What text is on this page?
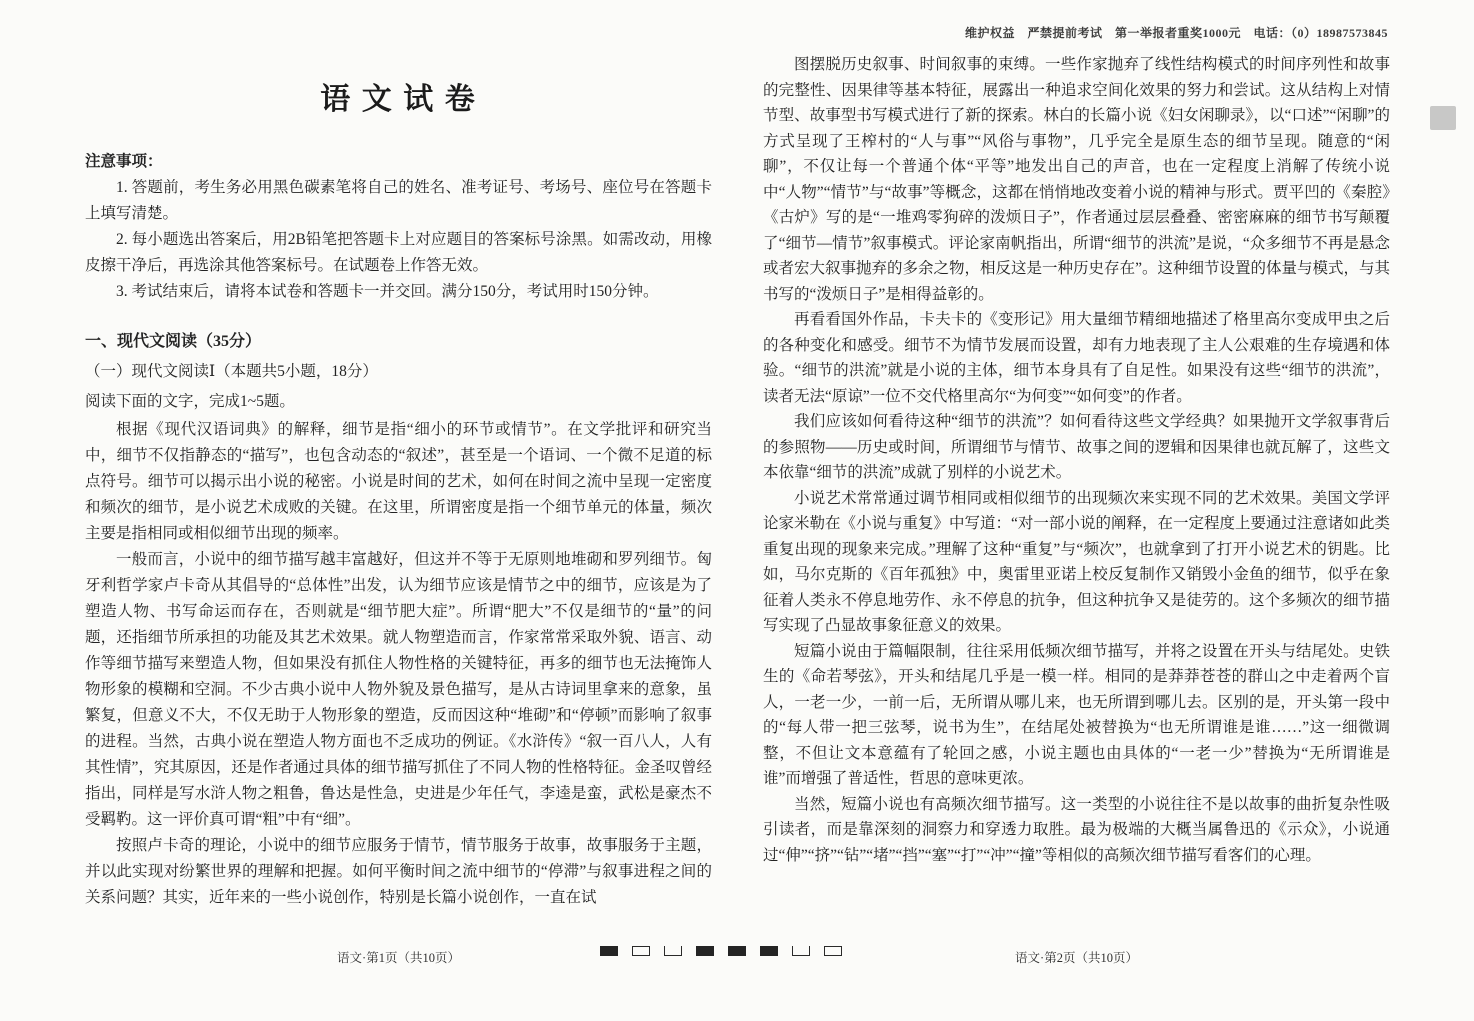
维护权益　严禁提前考试　第一举报者重奖1000元　电话：（0）18987573845
语 文 试 卷
注意事项：

1. 答题前，考生务必用黑色碳素笔将自己的姓名、准考证号、考场号、座位号在答题卡上填写清楚。

2. 每小题选出答案后，用2B铅笔把答题卡上对应题目的答案标号涂黑。如需改动，用橡皮擦干净后，再选涂其他答案标号。在试题卷上作答无效。

3. 考试结束后，请将本试卷和答题卡一并交回。满分150分，考试用时150分钟。

一、现代文阅读（35分）
（一）现代文阅读Ⅰ（本题共5小题，18分）
阅读下面的文字，完成1~5题。

根据《现代汉语词典》的解释，细节是指“细小的环节或情节”。在文学批评和研究当中，细节不仅指静态的“描写”，也包含动态的“叙述”，甚至是一个语词、一个微不足道的标点符号。细节可以揭示出小说的秘密。小说是时间的艺术，如何在时间之流中呈现一定密度和频次的细节，是小说艺术成败的关键。在这里，所谓密度是指一个细节单元的体量，频次主要是指相同或相似细节出现的频率。

一般而言，小说中的细节描写越丰富越好，但这并不等于无原则地堆砌和罗列细节。匈牙利哲学家卢卡奇从其倡导的“总体性”出发，认为细节应该是情节之中的细节，应该是为了塑造人物、书写命运而存在，否则就是“细节肥大症”。所谓“肥大”不仅是细节的“量”的问题，还指细节所承担的功能及其艺术效果。就人物塑造而言，作家常常采取外貌、语言、动作等细节描写来塑造人物，但如果没有抓住人物性格的关键特征，再多的细节也无法掩饰人物形象的模糊和空洞。不少古典小说中人物外貌及景色描写，是从古诗词里拿来的意象，虽繁复，但意义不大，不仅无助于人物形象的塑造，反而因这种“堆砌”和“停顿”而影响了叙事的进程。当然，古典小说在塑造人物方面也不乏成功的例证。《水浒传》“叙一百八人，人有其性情”，究其原因，还是作者通过具体的细节描写抓住了不同人物的性格特征。金圣叹曾经指出，同样是写水浒人物之粗鲁，鲁达是性急，史进是少年任气，李逵是蛮，武松是豪杰不受羁靮。这一评价真可谓“粗”中有“细”。

按照卢卡奇的理论，小说中的细节应服务于情节，情节服务于故事，故事服务于主题，并以此实现对纷繁世界的理解和把握。如何平衡时间之流中细节的“停滞”与叙事进程之间的关系问题？其实，近年来的一些小说创作，特别是长篇小说创作，一直在试

图摆脱历史叙事、时间叙事的束缚。一些作家抛弃了线性结构模式的时间序列性和故事的完整性、因果律等基本特征，展露出一种追求空间化效果的努力和尝试。这从结构上对情节型、故事型书写模式进行了新的探索。林白的长篇小说《妇女闲聊录》，以“口述”“闲聊”的方式呈现了王榨村的“人与事”“风俗与事物”，几乎完全是原生态的细节呈现。随意的“闲聊”，不仅让每一个普通个体“平等”地发出自己的声音，也在一定程度上消解了传统小说中“人物”“情节”与“故事”等概念，这都在悄悄地改变着小说的精神与形式。贾平凹的《秦腔》《古炉》写的是“一堆鸡零狗碎的泼烦日子”，作者通过层层叠叠、密密麻麻的细节书写颠覆了“细节—情节”叙事模式。评论家南帆指出，所谓“细节的洪流”是说，“众多细节不再是悬念或者宏大叙事抛弃的多余之物，相反这是一种历史存在”。这种细节设置的体量与模式，与其书写的“泼烦日子”是相得益彰的。

再看看国外作品，卡夫卡的《变形记》用大量细节精细地描述了格里高尔变成甲虫之后的各种变化和感受。细节不为情节发展而设置，却有力地表现了主人公艰难的生存境遇和体验。“细节的洪流”就是小说的主体，细节本身具有了自足性。如果没有这些“细节的洪流”，读者无法“原谅”一位不交代格里高尔“为何变”“如何变”的作者。

我们应该如何看待这种“细节的洪流”？如何看待这些文学经典？如果抛开文学叙事背后的参照物——历史或时间，所谓细节与情节、故事之间的逻辑和因果律也就瓦解了，这些文本依靠“细节的洪流”成就了别样的小说艺术。

小说艺术常常通过调节相同或相似细节的出现频次来实现不同的艺术效果。美国文学评论家米勒在《小说与重复》中写道：“对一部小说的阐释，在一定程度上要通过注意诸如此类重复出现的现象来完成。”理解了这种“重复”与“频次”，也就拿到了打开小说艺术的钥匙。比如，马尔克斯的《百年孤独》中，奥雷里亚诺上校反复制作又销毁小金鱼的细节，似乎在象征着人类永不停息地劳作、永不停息的抗争，但这种抗争又是徒劳的。这个多频次的细节描写实现了凸显故事象征意义的效果。

短篇小说由于篇幅限制，往往采用低频次细节描写，并将之设置在开头与结尾处。史铁生的《命若琴弦》，开头和结尾几乎是一模一样。相同的是莽莽苍苍的群山之中走着两个盲人，一老一少，一前一后，无所谓从哪儿来，也无所谓到哪儿去。区别的是，开头第一段中的“每人带一把三弦琴，说书为生”，在结尾处被替换为“也无所谓谁是谁……”这一细微调整，不但让文本意蕴有了轮回之感，小说主题也由具体的“一老一少”替换为“无所谓谁是谁”而增强了普适性，哲思的意味更浓。

当然，短篇小说也有高频次细节描写。这一类型的小说往往不是以故事的曲折复杂性吸引读者，而是靠深刻的洞察力和穿透力取胜。最为极端的大概当属鲁迅的《示众》，小说通过“伸”“挤”“钻”“堵”“挡”“塞”“打”“冲”“撞”等相似的高频次细节描写看客们的心理。

语文·第1页（共10页）	语文·第2页（共10页）
